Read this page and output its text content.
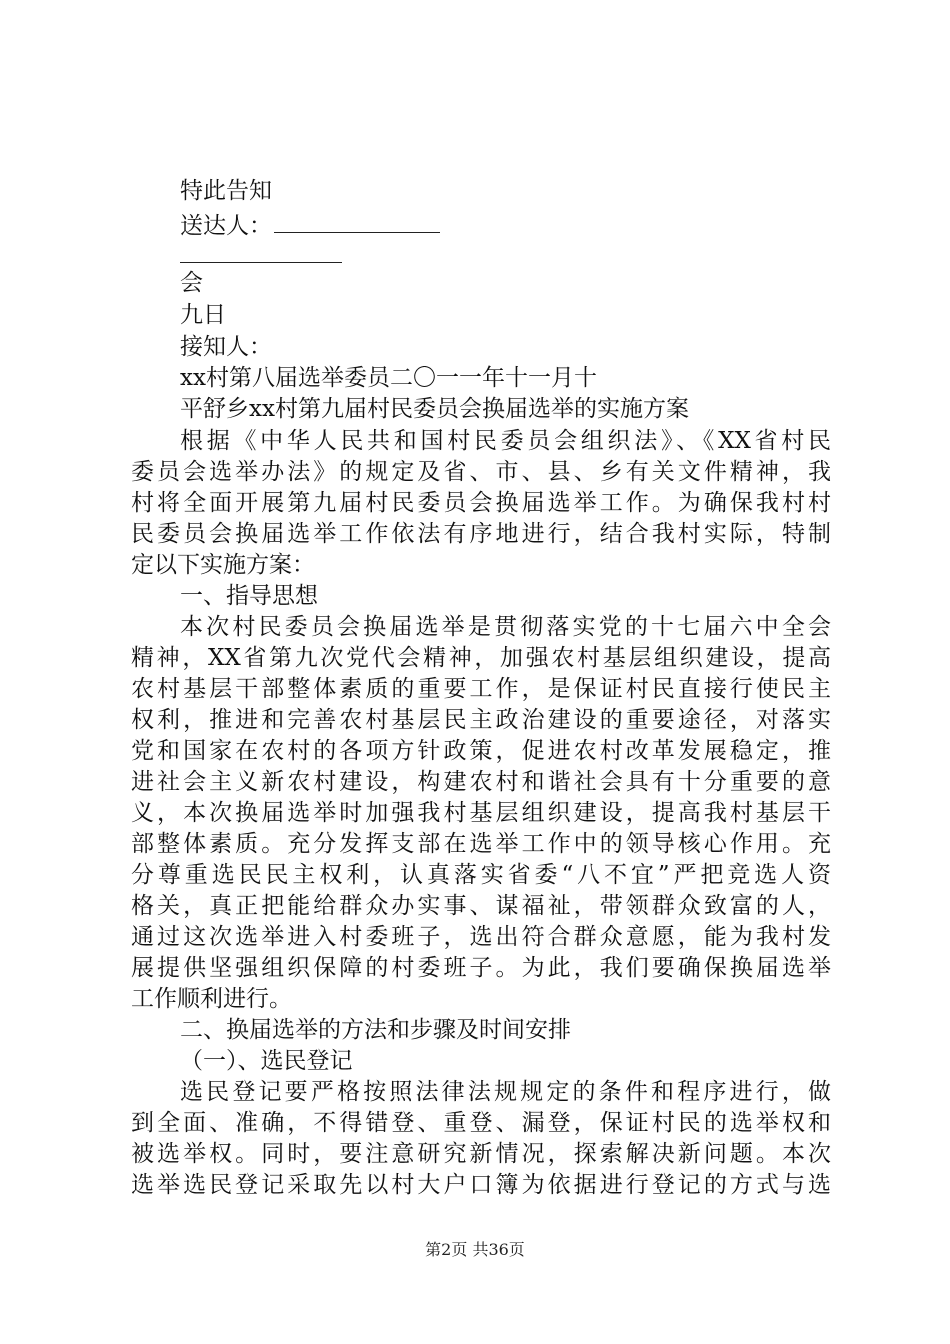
特此告知
送达人：
会
九日
接知人：
xx村第八届选举委员二〇一一年十一月十
平舒乡xx村第九届村民委员会换届选举的实施方案
根据《中华人民共和国村民委员会组织法》、《XX省村民
委员会选举办法》的规定及省、市、县、乡有关文件精神，我
村将全面开展第九届村民委员会换届选举工作。为确保我村村
民委员会换届选举工作依法有序地进行，结合我村实际，特制
定以下实施方案：
一、指导思想
本次村民委员会换届选举是贯彻落实党的十七届六中全会
精神，XX省第九次党代会精神，加强农村基层组织建设，提高
农村基层干部整体素质的重要工作，是保证村民直接行使民主
权利，推进和完善农村基层民主政治建设的重要途径，对落实
党和国家在农村的各项方针政策，促进农村改革发展稳定，推
进社会主义新农村建设，构建农村和谐社会具有十分重要的意
义，本次换届选举时加强我村基层组织建设，提高我村基层干
部整体素质。充分发挥支部在选举工作中的领导核心作用。充
分尊重选民民主权利，认真落实省委“八不宜”严把竞选人资
格关，真正把能给群众办实事、谋福祉，带领群众致富的人，
通过这次选举进入村委班子，选出符合群众意愿，能为我村发
展提供坚强组织保障的村委班子。为此，我们要确保换届选举
工作顺利进行。
二、换届选举的方法和步骤及时间安排
（一）、选民登记
选民登记要严格按照法律法规规定的条件和程序进行，做
到全面、准确，不得错登、重登、漏登，保证村民的选举权和
被选举权。同时，要注意研究新情况，探索解决新问题。本次
选举选民登记采取先以村大户口簿为依据进行登记的方式与选
第2页 共36页
